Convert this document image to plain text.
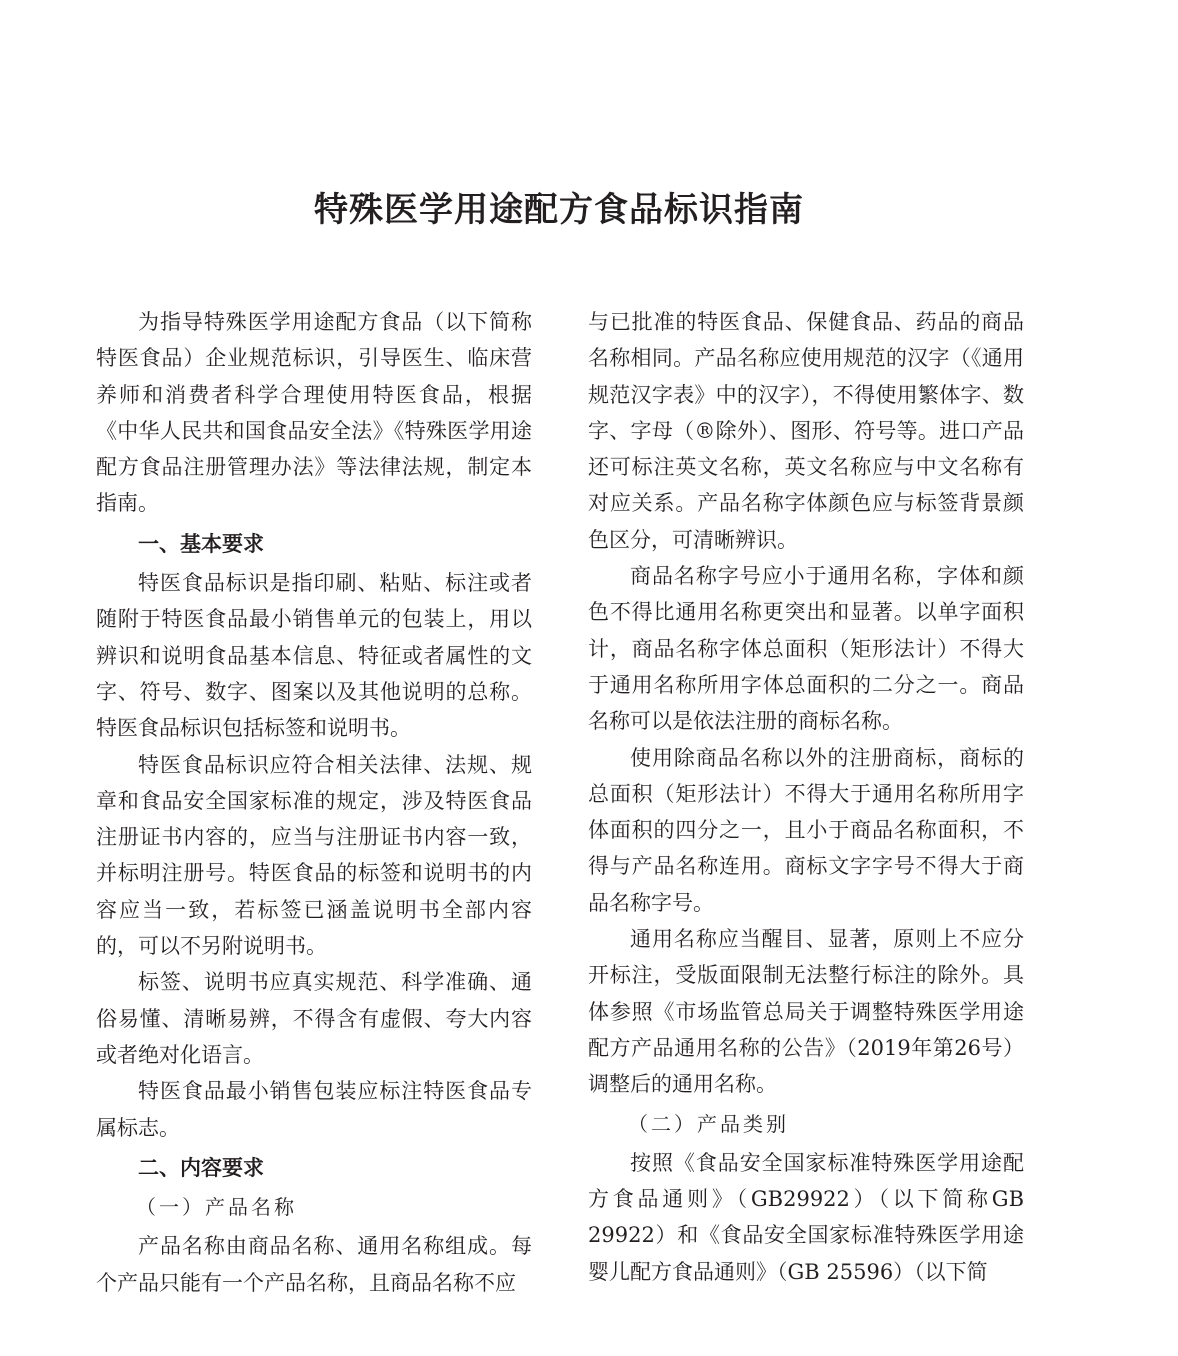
特殊医学用途配方食品标识指南

为指导特殊医学用途配方食品（以下简称特医食品）企业规范标识，引导医生、临床营养师和消费者科学合理使用特医食品，根据《中华人民共和国食品安全法》《特殊医学用途配方食品注册管理办法》等法律法规，制定本指南。

一、基本要求

特医食品标识是指印刷、粘贴、标注或者随附于特医食品最小销售单元的包装上，用以辨识和说明食品基本信息、特征或者属性的文字、符号、数字、图案以及其他说明的总称。特医食品标识包括标签和说明书。

特医食品标识应符合相关法律、法规、规章和食品安全国家标准的规定，涉及特医食品注册证书内容的，应当与注册证书内容一致，并标明注册号。特医食品的标签和说明书的内容应当一致，若标签已涵盖说明书全部内容的，可以不另附说明书。

标签、说明书应真实规范、科学准确、通俗易懂、清晰易辨，不得含有虚假、夸大内容或者绝对化语言。

特医食品最小销售包装应标注特医食品专属标志。

二、内容要求
（一）产品名称

产品名称由商品名称、通用名称组成。每个产品只能有一个产品名称，且商品名称不应

与已批准的特医食品、保健食品、药品的商品名称相同。产品名称应使用规范的汉字（《通用规范汉字表》中的汉字），不得使用繁体字、数字、字母（®除外）、图形、符号等。进口产品还可标注英文名称，英文名称应与中文名称有对应关系。产品名称字体颜色应与标签背景颜色区分，可清晰辨识。

商品名称字号应小于通用名称，字体和颜色不得比通用名称更突出和显著。以单字面积计，商品名称字体总面积（矩形法计）不得大于通用名称所用字体总面积的二分之一。商品名称可以是依法注册的商标名称。

使用除商品名称以外的注册商标，商标的总面积（矩形法计）不得大于通用名称所用字体面积的四分之一，且小于商品名称面积，不得与产品名称连用。商标文字字号不得大于商品名称字号。

通用名称应当醒目、显著，原则上不应分开标注，受版面限制无法整行标注的除外。具体参照《市场监管总局关于调整特殊医学用途配方产品通用名称的公告》（2019年第26号）调整后的通用名称。

（二）产品类别

按照《食品安全国家标准特殊医学用途配方食品通则》（GB29922）（以下简称GB 29922）和《食品安全国家标准特殊医学用途婴儿配方食品通则》（GB 25596）（以下简
